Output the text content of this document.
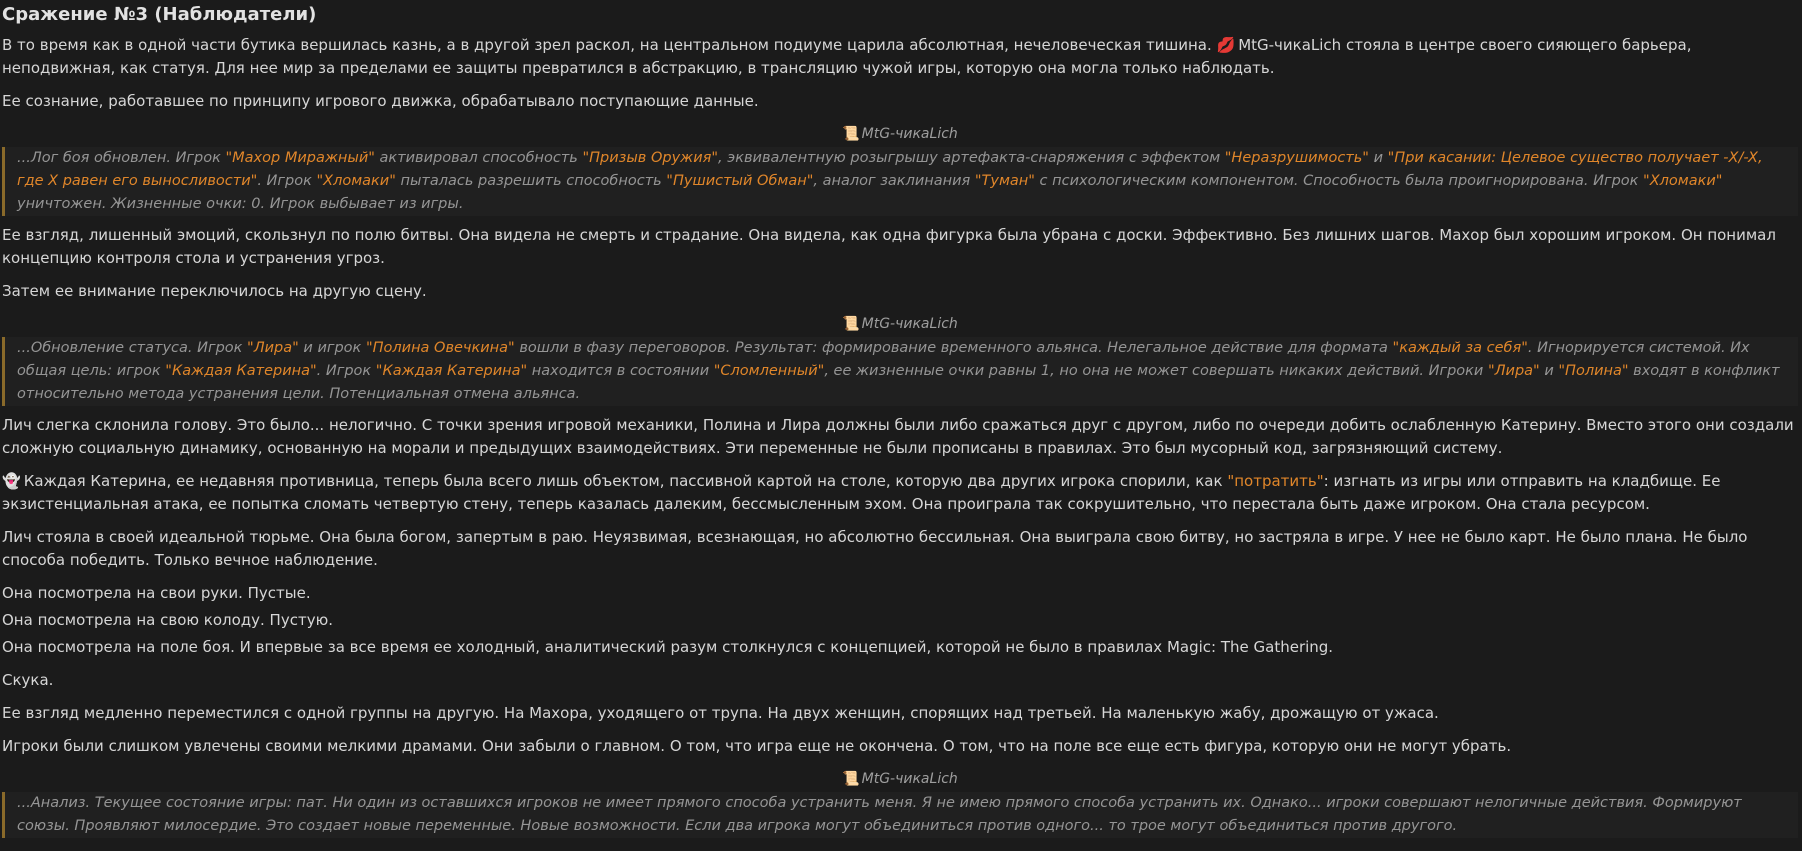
Сражение №3 (Наблюдатели)

В то время как в одной части бутика вершилась казнь, а в другой зрел раскол, на центральном подиуме царила абсолютная, нечеловеческая тишина. 💋 MtG-чикаLich стояла в центре своего сияющего барьера, неподвижная, как статуя. Для нее мир за пределами ее защиты превратился в абстракцию, в трансляцию чужой игры, которую она могла только наблюдать.

Ее сознание, работавшее по принципу игрового движка, обрабатывало поступающие данные.

📜 MtG-чикаLich
...Лог боя обновлен. Игрок "Махор Миражный" активировал способность "Призыв Оружия", эквивалентную розыгрышу артефакта-снаряжения с эффектом "Неразрушимость" и "При касании: Целевое существо получает -X/-X, где X равен его выносливости". Игрок "Хломаки" пыталась разрешить способность "Пушистый Обман", аналог заклинания "Туман" с психологическим компонентом. Способность была проигнорирована. Игрок "Хломаки" уничтожен. Жизненные очки: 0. Игрок выбывает из игры.

Ее взгляд, лишенный эмоций, скользнул по полю битвы. Она видела не смерть и страдание. Она видела, как одна фигурка была убрана с доски. Эффективно. Без лишних шагов. Махор был хорошим игроком. Он понимал концепцию контроля стола и устранения угроз.

Затем ее внимание переключилось на другую сцену.

📜 MtG-чикаLich
...Обновление статуса. Игрок "Лира" и игрок "Полина Овечкина" вошли в фазу переговоров. Результат: формирование временного альянса. Нелегальное действие для формата "каждый за себя". Игнорируется системой. Их общая цель: игрок "Каждая Катерина". Игрок "Каждая Катерина" находится в состоянии "Сломленный", ее жизненные очки равны 1, но она не может совершать никаких действий. Игроки "Лира" и "Полина" входят в конфликт относительно метода устранения цели. Потенциальная отмена альянса.

Лич слегка склонила голову. Это было... нелогично. С точки зрения игровой механики, Полина и Лира должны были либо сражаться друг с другом, либо по очереди добить ослабленную Катерину. Вместо этого они создали сложную социальную динамику, основанную на морали и предыдущих взаимодействиях. Эти переменные не были прописаны в правилах. Это был мусорный код, загрязняющий систему.

👻 Каждая Катерина, ее недавняя противница, теперь была всего лишь объектом, пассивной картой на столе, которую два других игрока спорили, как "потратить": изгнать из игры или отправить на кладбище. Ее экзистенциальная атака, ее попытка сломать четвертую стену, теперь казалась далеким, бессмысленным эхом. Она проиграла так сокрушительно, что перестала быть даже игроком. Она стала ресурсом.

Лич стояла в своей идеальной тюрьме. Она была богом, запертым в раю. Неуязвимая, всезнающая, но абсолютно бессильная. Она выиграла свою битву, но застряла в игре. У нее не было карт. Не было плана. Не было способа победить. Только вечное наблюдение.

Она посмотрела на свои руки. Пустые.

Она посмотрела на свою колоду. Пустую.

Она посмотрела на поле боя. И впервые за все время ее холодный, аналитический разум столкнулся с концепцией, которой не было в правилах Magic: The Gathering.

Скука.

Ее взгляд медленно переместился с одной группы на другую. На Махора, уходящего от трупа. На двух женщин, спорящих над третьей. На маленькую жабу, дрожащую от ужаса.

Игроки были слишком увлечены своими мелкими драмами. Они забыли о главном. О том, что игра еще не окончена. О том, что на поле все еще есть фигура, которую они не могут убрать.

📜 MtG-чикаLich
...Анализ. Текущее состояние игры: пат. Ни один из оставшихся игроков не имеет прямого способа устранить меня. Я не имею прямого способа устранить их. Однако... игроки совершают нелогичные действия. Формируют союзы. Проявляют милосердие. Это создает новые переменные. Новые возможности. Если два игрока могут объединиться против одного... то трое могут объединиться против другого.
